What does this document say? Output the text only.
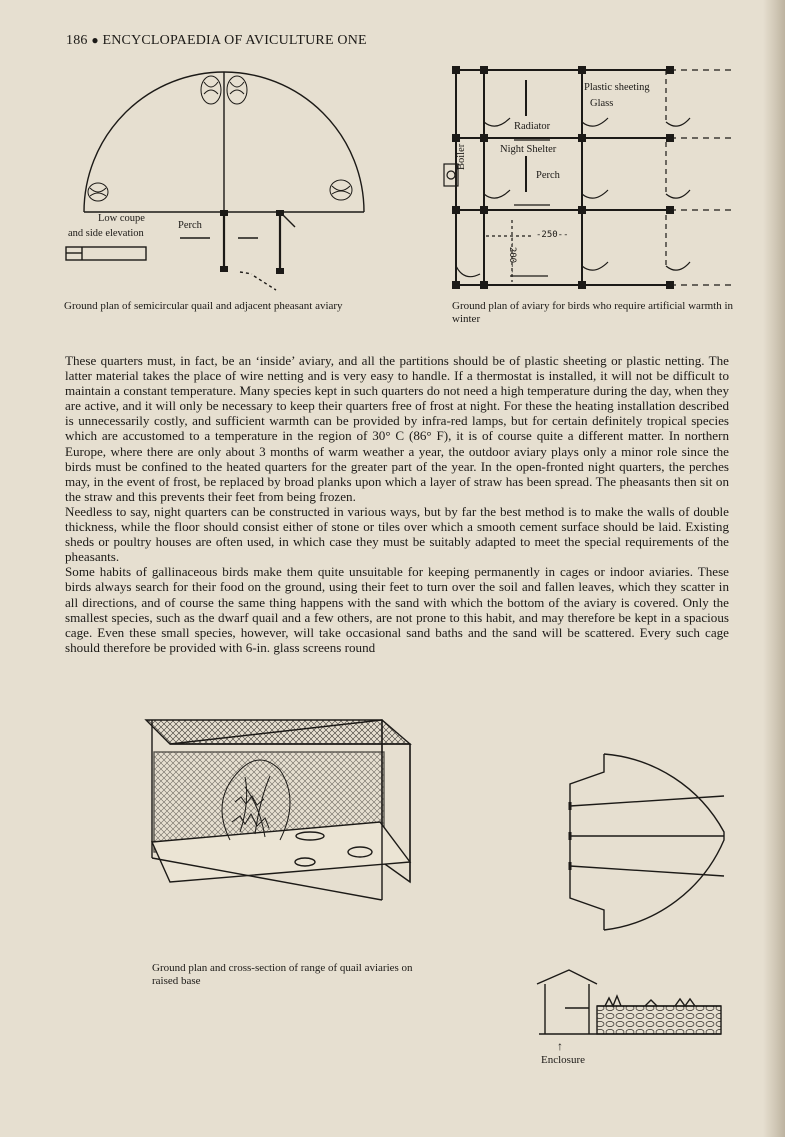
186 ● ENCYCLOPAEDIA OF AVICULTURE ONE
Low coupe
and side elevation
Perch
Ground plan of semicircular quail and adjacent pheasant aviary
Plastic sheeting
Glass
Radiator
Night Shelter
Perch
Boiler
-250--
--200--
Ground plan of aviary for birds who require artificial warmth in winter

These quarters must, in fact, be an ‘inside’ aviary, and all the partitions should be of plastic sheeting or plastic netting. The latter material takes the place of wire netting and is very easy to handle. If a thermostat is installed, it will not be difficult to maintain a constant temperature. Many species kept in such quarters do not need a high temperature during the day, when they are active, and it will only be necessary to keep their quarters free of frost at night. For these the heating installation described is unnecessarily costly, and sufficient warmth can be provided by infra-red lamps, but for certain definitely tropical species which are accustomed to a temperature in the region of 30° C (86° F), it is of course quite a different matter. In northern Europe, where there are only about 3 months of warm weather a year, the outdoor aviary plays only a minor role since the birds must be confined to the heated quarters for the greater part of the year. In the open-fronted night quarters, the perches may, in the event of frost, be replaced by broad planks upon which a layer of straw has been spread. The pheasants then sit on the straw and this prevents their feet from being frozen.

Needless to say, night quarters can be constructed in various ways, but by far the best method is to make the walls of double thickness, while the floor should consist either of stone or tiles over which a smooth cement surface should be laid. Existing sheds or poultry houses are often used, in which case they must be suitably adapted to meet the special requirements of the pheasants.

Some habits of gallinaceous birds make them quite unsuitable for keeping permanently in cages or indoor aviaries. These birds always search for their food on the ground, using their feet to turn over the soil and fallen leaves, which they scatter in all directions, and of course the same thing happens with the sand with which the bottom of the aviary is covered. Only the smallest species, such as the dwarf quail and a few others, are not prone to this habit, and may therefore be kept in a spacious cage. Even these small species, however, will take occasional sand baths and the sand will be scattered. Every such cage should therefore be provided with 6-in. glass screens round

Ground plan and cross-section of range of quail aviaries on raised base
↑
Enclosure
